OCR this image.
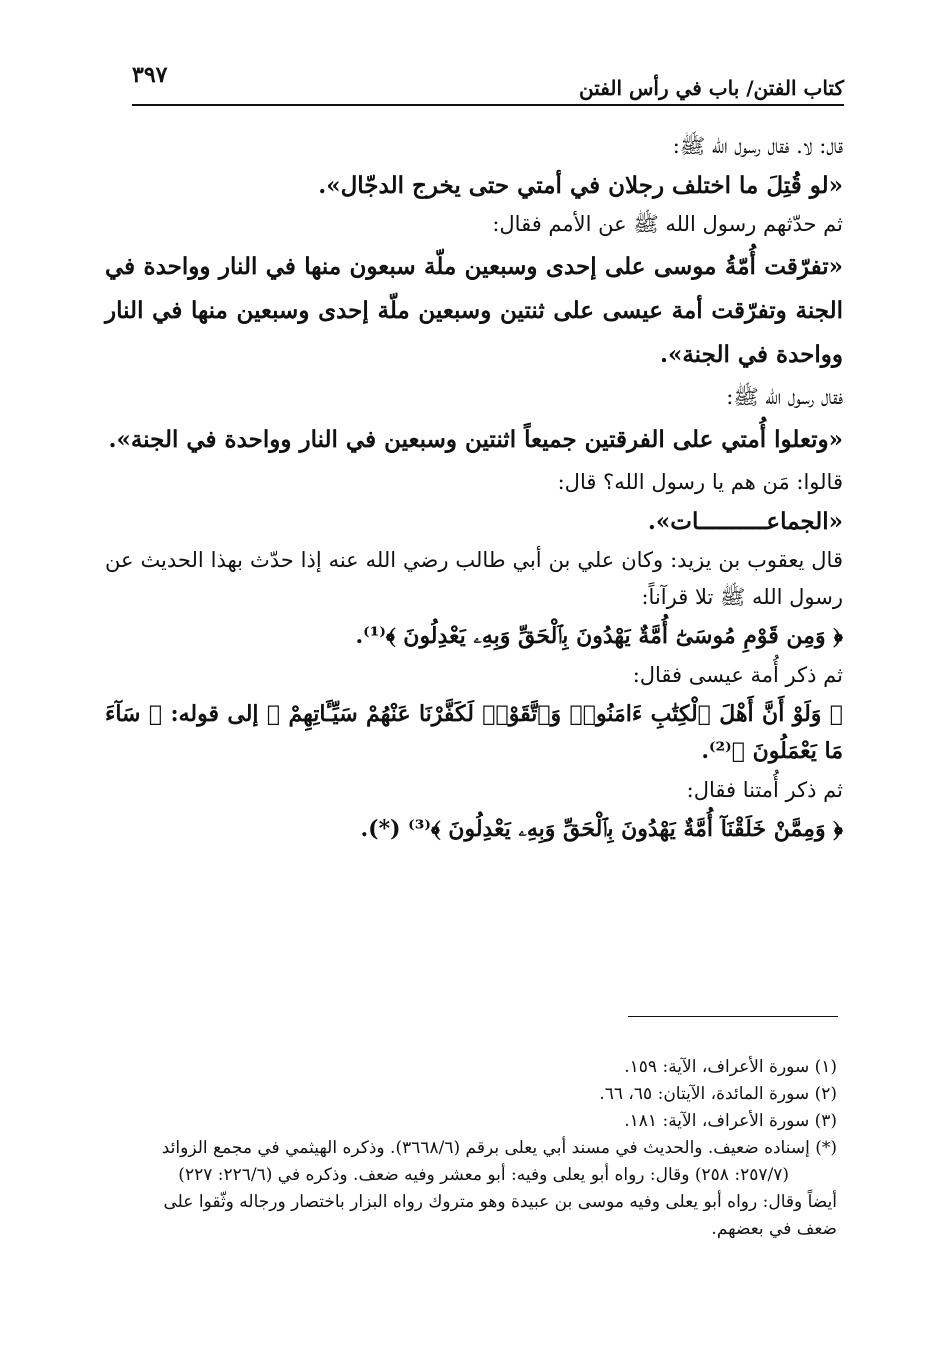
كتاب الفتن/ باب في رأس الفتن
٣٩٧

قال: لا. فقال رسول الله ﷺ:

«لو قُتِلَ ما اختلف رجلان في أمتي حتى يخرج الدجّال».

ثم حدّثهم رسول الله ﷺ عن الأمم فقال:

«تفرّقت أُمّةُ موسى على إحدى وسبعين ملّة سبعون منها في النار وواحدة في الجنة وتفرّقت أمة عيسى على ثنتين وسبعين ملّة إحدى وسبعين منها في النار وواحدة في الجنة».

فقال رسول الله ﷺ:

«وتعلوا أُمتي على الفرقتين جميعاً اثنتين وسبعين في النار وواحدة في الجنة».

قالوا: مَن هم يا رسول الله؟ قال:

«الجماعــــــــــات».

قال يعقوب بن يزيد: وكان علي بن أبي طالب رضي الله عنه إذا حدّث بهذا الحديث عن رسول الله ﷺ تلا قرآناً:

﴿ وَمِن قَوْمِ مُوسَىٰٓ أُمَّةٌ يَهْدُونَ بِٱلْحَقِّ وَبِهِۦ يَعْدِلُونَ ﴾⁽¹⁾.

ثم ذكر أُمة عيسى فقال:

﴿ وَلَوْ أَنَّ أَهْلَ ٱلْكِتَٰبِ ءَامَنُوا۟ وَٱتَّقَوْا۟ لَكَفَّرْنَا عَنْهُمْ سَيِّـَٔاتِهِمْ ﴾ إلى قوله: ﴿ سَآءَ مَا يَعْمَلُونَ ﴾⁽²⁾.

ثم ذكر أُمتنا فقال:

﴿ وَمِمَّنْ خَلَقْنَآ أُمَّةٌ يَهْدُونَ بِٱلْحَقِّ وَبِهِۦ يَعْدِلُونَ ﴾⁽³⁾ (*).

(١) سورة الأعراف، الآية: ١٥٩.

(٢) سورة المائدة، الآيتان: ٦٥، ٦٦.

(٣) سورة الأعراف، الآية: ١٨١.

(*) إسناده ضعيف. والحديث في مسند أبي يعلى برقم (٣٦٦٨/٦). وذكره الهيثمي في مجمع الزوائد

(٢٥٧/٧: ٢٥٨) وقال: رواه أبو يعلى وفيه: أبو معشر وفيه ضعف. وذكره في (٢٢٦/٦: ٢٢٧)

أيضاً وقال: رواه أبو يعلى وفيه موسى بن عبيدة وهو متروك رواه البزار باختصار ورجاله وثّقوا على

ضعف في بعضهم.
